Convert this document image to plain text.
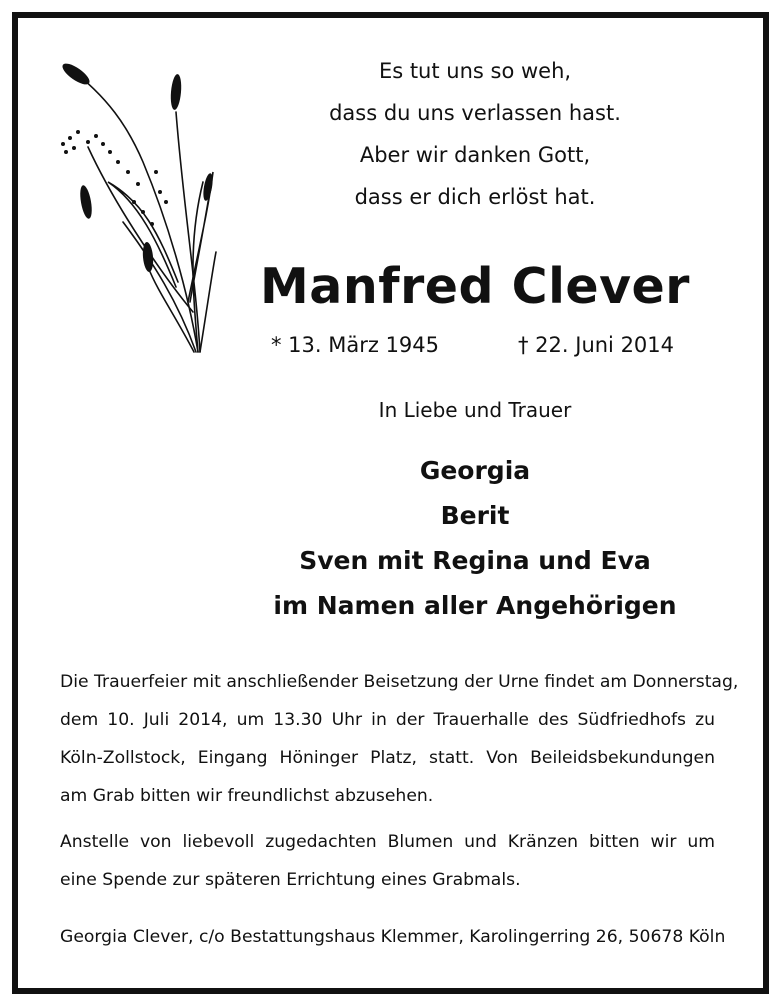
Es tut uns so weh,
dass du uns verlassen hast.
Aber wir danken Gott,
dass er dich erlöst hat.
Manfred Clever
* 13. März 1945	† 22. Juni 2014
In Liebe und Trauer
Georgia
Berit
Sven mit Regina und Eva
im Namen aller Angehörigen
Die Trauerfeier mit anschließender Beisetzung der Urne findet am Donnerstag,
dem 10. Juli 2014, um 13.30 Uhr in der Trauerhalle des Südfriedhofs zu
Köln-Zollstock, Eingang Höninger Platz, statt. Von Beileidsbekundungen
am Grab bitten wir freundlichst abzusehen.
Anstelle von liebevoll zugedachten Blumen und Kränzen bitten wir um
eine Spende zur späteren Errichtung eines Grabmals.
Georgia Clever, c/o Bestattungshaus Klemmer, Karolingerring 26, 50678 Köln
